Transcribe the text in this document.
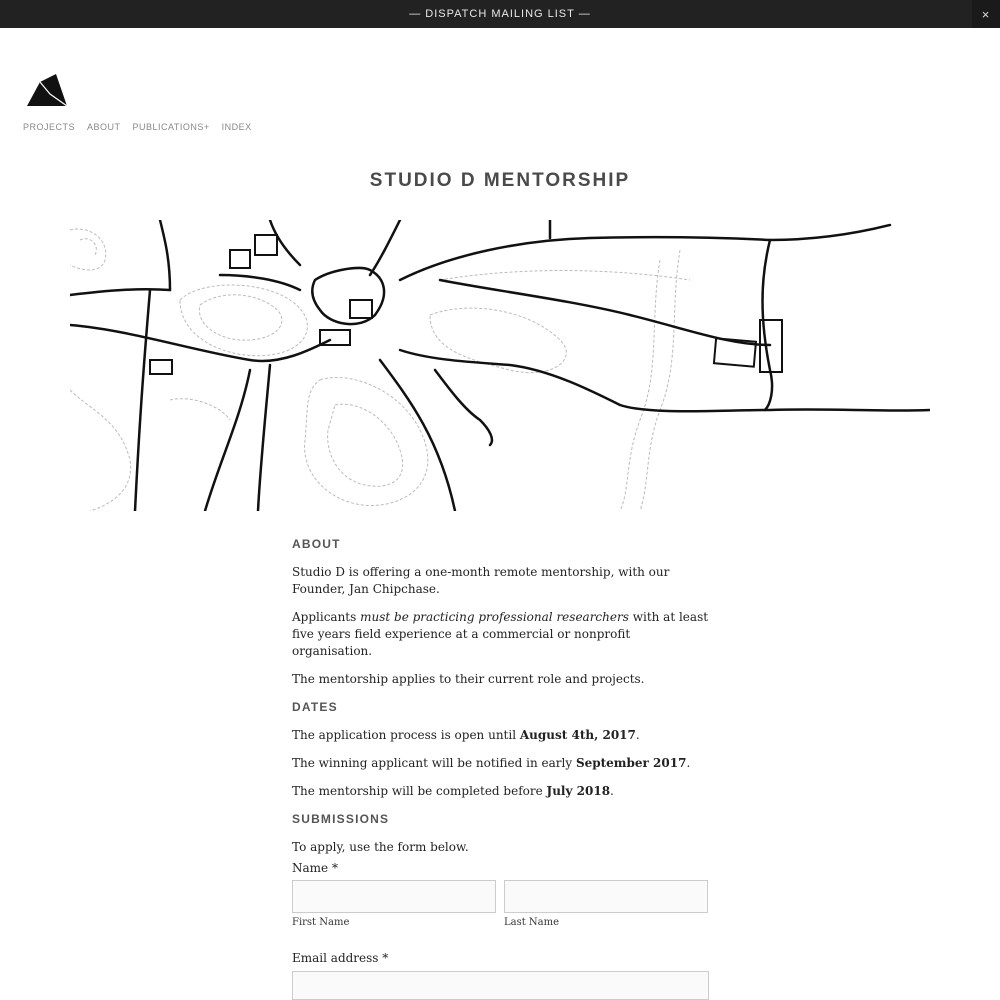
— DISPATCH MAILING LIST —	×
PROJECTS ABOUT PUBLICATIONS+ INDEX
STUDIO D MENTORSHIP
ABOUT

Studio D is offering a one-month remote mentorship, with our Founder, Jan Chipchase.

Applicants must be practicing professional researchers with at least five years field experience at a commercial or nonprofit organisation.

The mentorship applies to their current role and projects.

DATES

The application process is open until August 4th, 2017.

The winning applicant will be notified in early September 2017.

The mentorship will be completed before July 2018.

SUBMISSIONS

To apply, use the form below.

Name *
First Name	Last Name
Email address *
